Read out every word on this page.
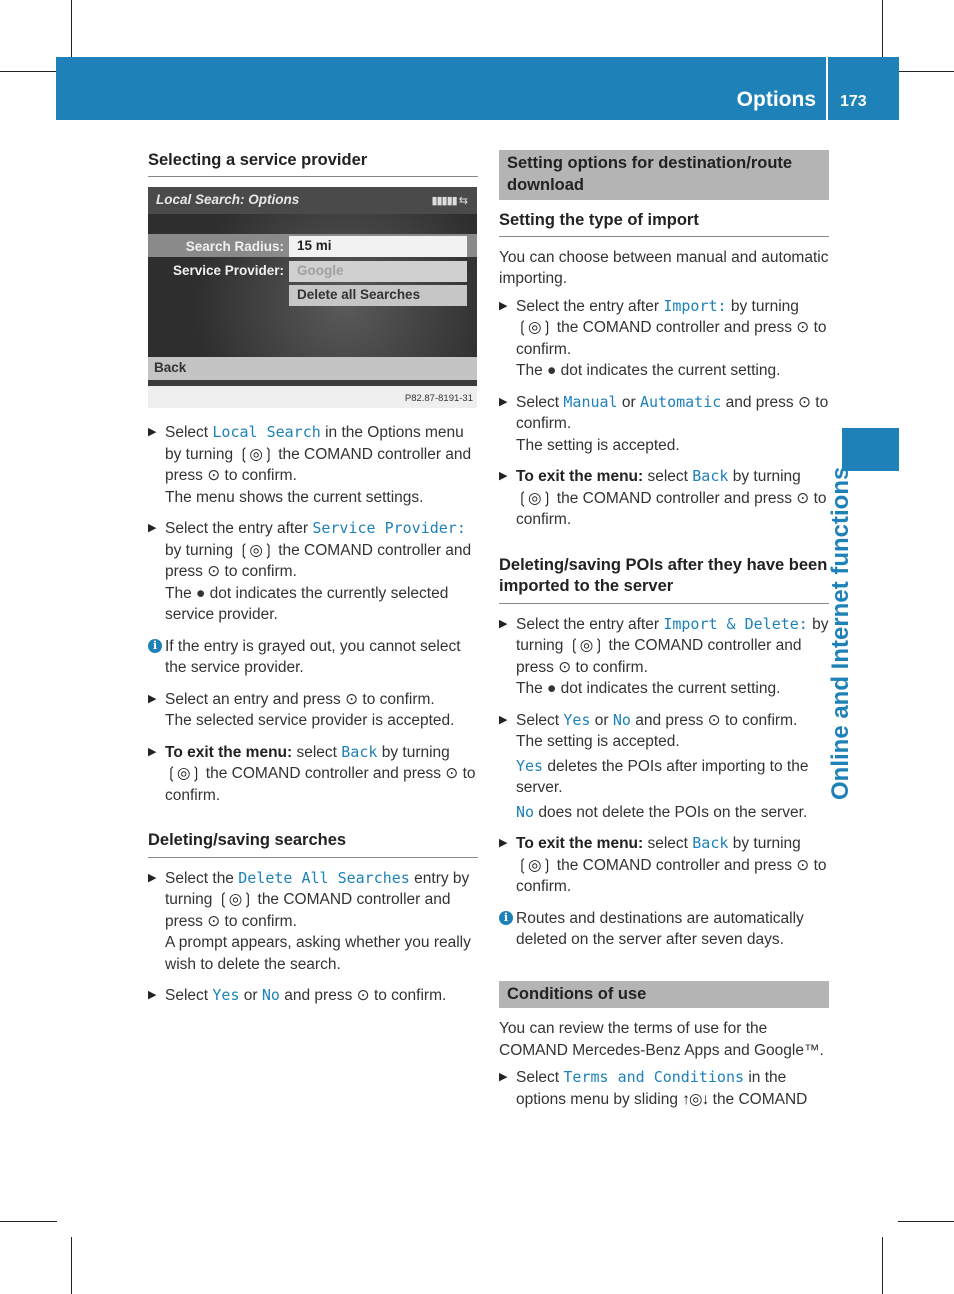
Options 173
Online and Internet functions
Selecting a service provider
Local Search: Options	▮▮▮▮▮ ⇆
Search Radius: 15 mi
Service Provider: Google
Delete all Searches
Back
P82.87-8191-31
▶ Select Local Search in the Options menu by turning ❲◎❳ the COMAND controller and press ⊙ to confirm.
The menu shows the current settings.
▶ Select the entry after Service Provider: by turning ❲◎❳ the COMAND controller and press ⊙ to confirm.
The ● dot indicates the currently selected service provider.
i If the entry is grayed out, you cannot select the service provider.
▶ Select an entry and press ⊙ to confirm.
The selected service provider is accepted.
▶ To exit the menu: select Back by turning ❲◎❳ the COMAND controller and press ⊙ to confirm.
Deleting/saving searches
▶ Select the Delete All Searches entry by turning ❲◎❳ the COMAND controller and press ⊙ to confirm.
A prompt appears, asking whether you really wish to delete the search.
▶ Select Yes or No and press ⊙ to confirm.
Setting options for destination/route download
Setting the type of import

You can choose between manual and automatic importing.

▶ Select the entry after Import: by turning ❲◎❳ the COMAND controller and press ⊙ to confirm.
The ● dot indicates the current setting.
▶ Select Manual or Automatic and press ⊙ to confirm.
The setting is accepted.
▶ To exit the menu: select Back by turning ❲◎❳ the COMAND controller and press ⊙ to confirm.
Deleting/saving POIs after they have been imported to the server
▶ Select the entry after Import & Delete: by turning ❲◎❳ the COMAND controller and press ⊙ to confirm.
The ● dot indicates the current setting.
▶ Select Yes or No and press ⊙ to confirm.
The setting is accepted.
Yes deletes the POIs after importing to the server.
No does not delete the POIs on the server.
▶ To exit the menu: select Back by turning ❲◎❳ the COMAND controller and press ⊙ to confirm.
i Routes and destinations are automatically deleted on the server after seven days.
Conditions of use

You can review the terms of use for the COMAND Mercedes-Benz Apps and Google™.

▶ Select Terms and Conditions in the options menu by sliding ↑◎↓ the COMAND
